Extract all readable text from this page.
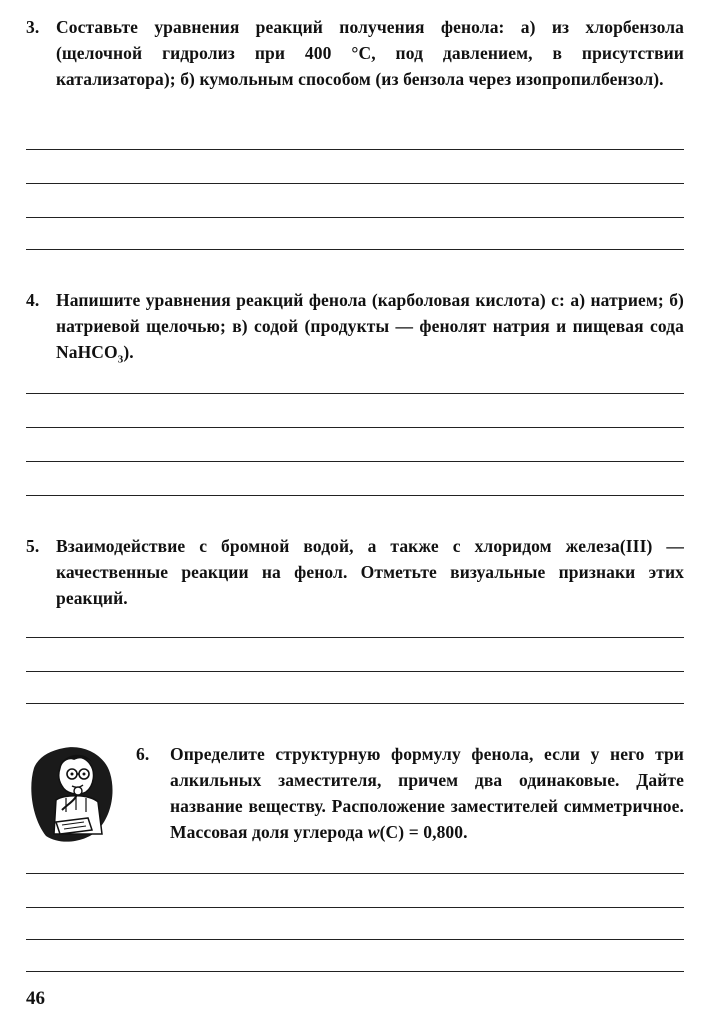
3. Составьте уравнения реакций получения фенола: а) из хлорбензола (щелочной гидролиз при 400 °С, под давлением, в присутствии катализатора); б) кумольным способом (из бензола через изопропилбензол).
4. Напишите уравнения реакций фенола (карболовая кислота) с: а) натрием; б) натриевой щелочью; в) содой (продукты — фенолят натрия и пищевая сода NaHCO$_3$).
5. Взаимодействие с бромной водой, а также с хлоридом железа(III) — качественные реакции на фенол. Отметьте визуальные признаки этих реакций.
6. Определите структурную формулу фенола, если у него три алкильных заместителя, причем два одинаковые. Дайте название веществу. Расположение заместителей симметричное. Массовая доля углерода w(C) = 0,800.
46
